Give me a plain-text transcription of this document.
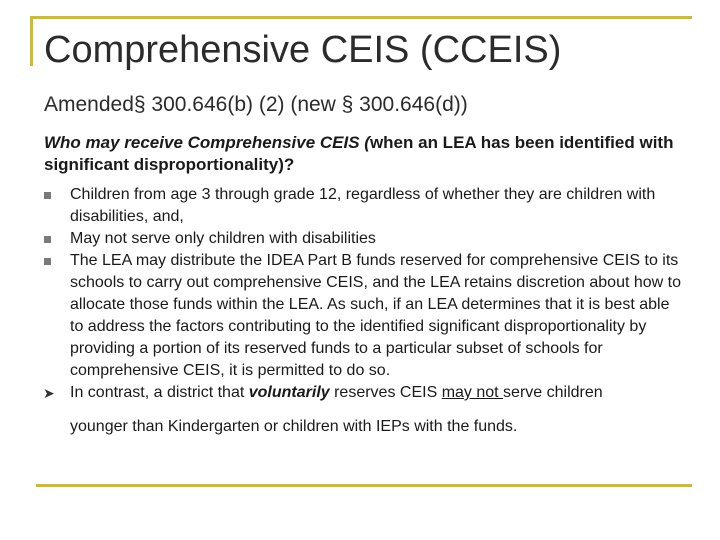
Comprehensive CEIS (CCEIS)
Amended§ 300.646(b) (2) (new § 300.646(d))
Who may receive Comprehensive CEIS (when an LEA has been identified with significant disproportionality)?
Children from age 3 through grade 12, regardless of whether they are children with disabilities, and,
May not serve only children with disabilities
The LEA may distribute the IDEA Part B funds reserved for comprehensive CEIS to its schools to carry out comprehensive CEIS, and the LEA retains discretion about how to allocate those funds within the LEA. As such, if an LEA determines that it is best able to address the factors contributing to the identified significant disproportionality by providing a portion of its reserved funds to a particular subset of schools for comprehensive CEIS, it is permitted to do so.
➤ In contrast, a district that voluntarily reserves CEIS may not serve children
younger than Kindergarten or children with IEPs with the funds.
